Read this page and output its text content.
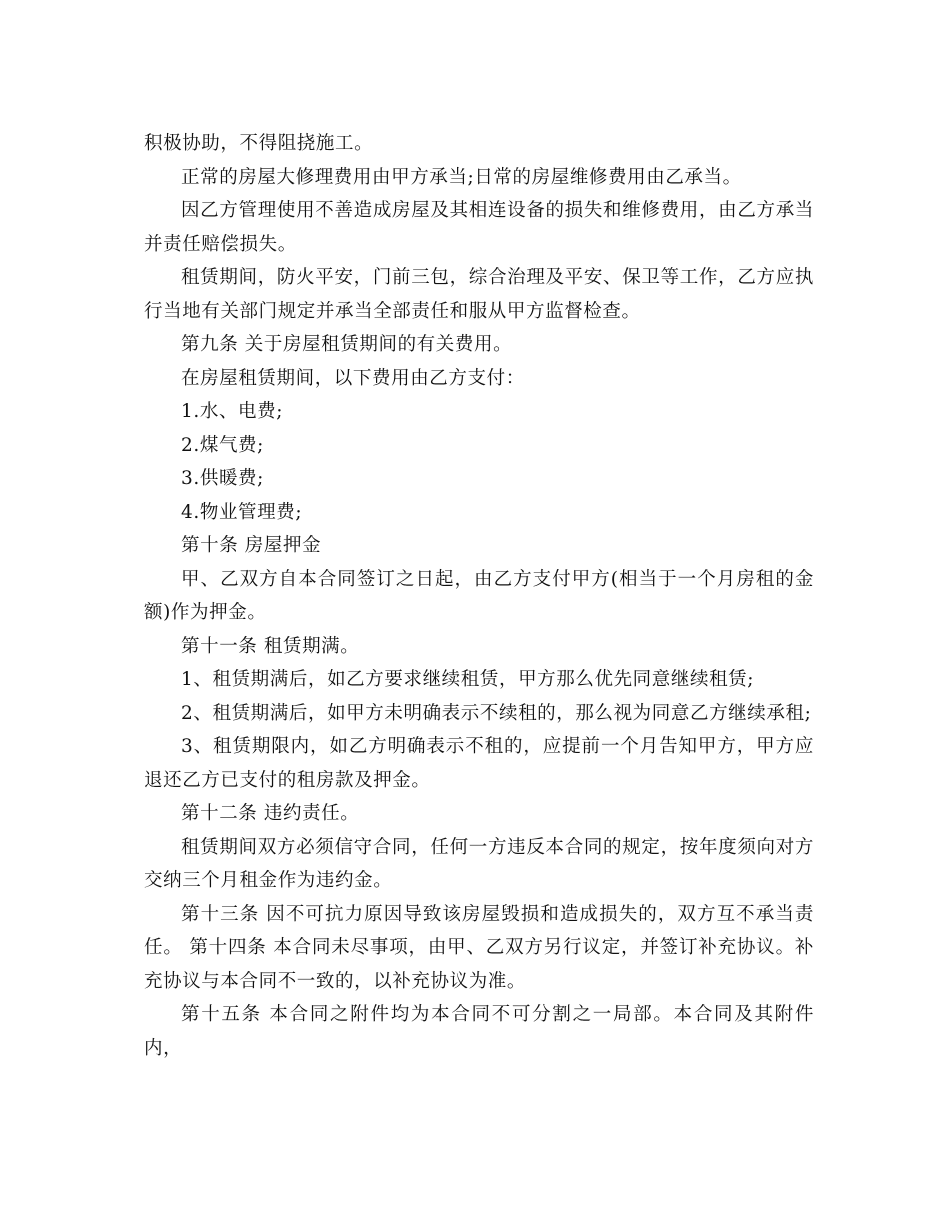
积极协助，不得阻挠施工。

正常的房屋大修理费用由甲方承当;日常的房屋维修费用由乙承当。

因乙方管理使用不善造成房屋及其相连设备的损失和维修费用，由乙方承当并责任赔偿损失。

租赁期间，防火平安，门前三包，综合治理及平安、保卫等工作，乙方应执行当地有关部门规定并承当全部责任和服从甲方监督检查。

第九条 关于房屋租赁期间的有关费用。

在房屋租赁期间，以下费用由乙方支付：

1.水、电费;

2.煤气费;

3.供暖费;

4.物业管理费;

第十条 房屋押金

甲、乙双方自本合同签订之日起，由乙方支付甲方(相当于一个月房租的金额)作为押金。

第十一条 租赁期满。

1、租赁期满后，如乙方要求继续租赁，甲方那么优先同意继续租赁;

2、租赁期满后，如甲方未明确表示不续租的，那么视为同意乙方继续承租;

3、租赁期限内，如乙方明确表示不租的，应提前一个月告知甲方，甲方应退还乙方已支付的租房款及押金。

第十二条 违约责任。

租赁期间双方必须信守合同，任何一方违反本合同的规定，按年度须向对方交纳三个月租金作为违约金。

第十三条 因不可抗力原因导致该房屋毁损和造成损失的，双方互不承当责任。 第十四条 本合同未尽事项，由甲、乙双方另行议定，并签订补充协议。补充协议与本合同不一致的，以补充协议为准。

第十五条 本合同之附件均为本合同不可分割之一局部。本合同及其附件内，
